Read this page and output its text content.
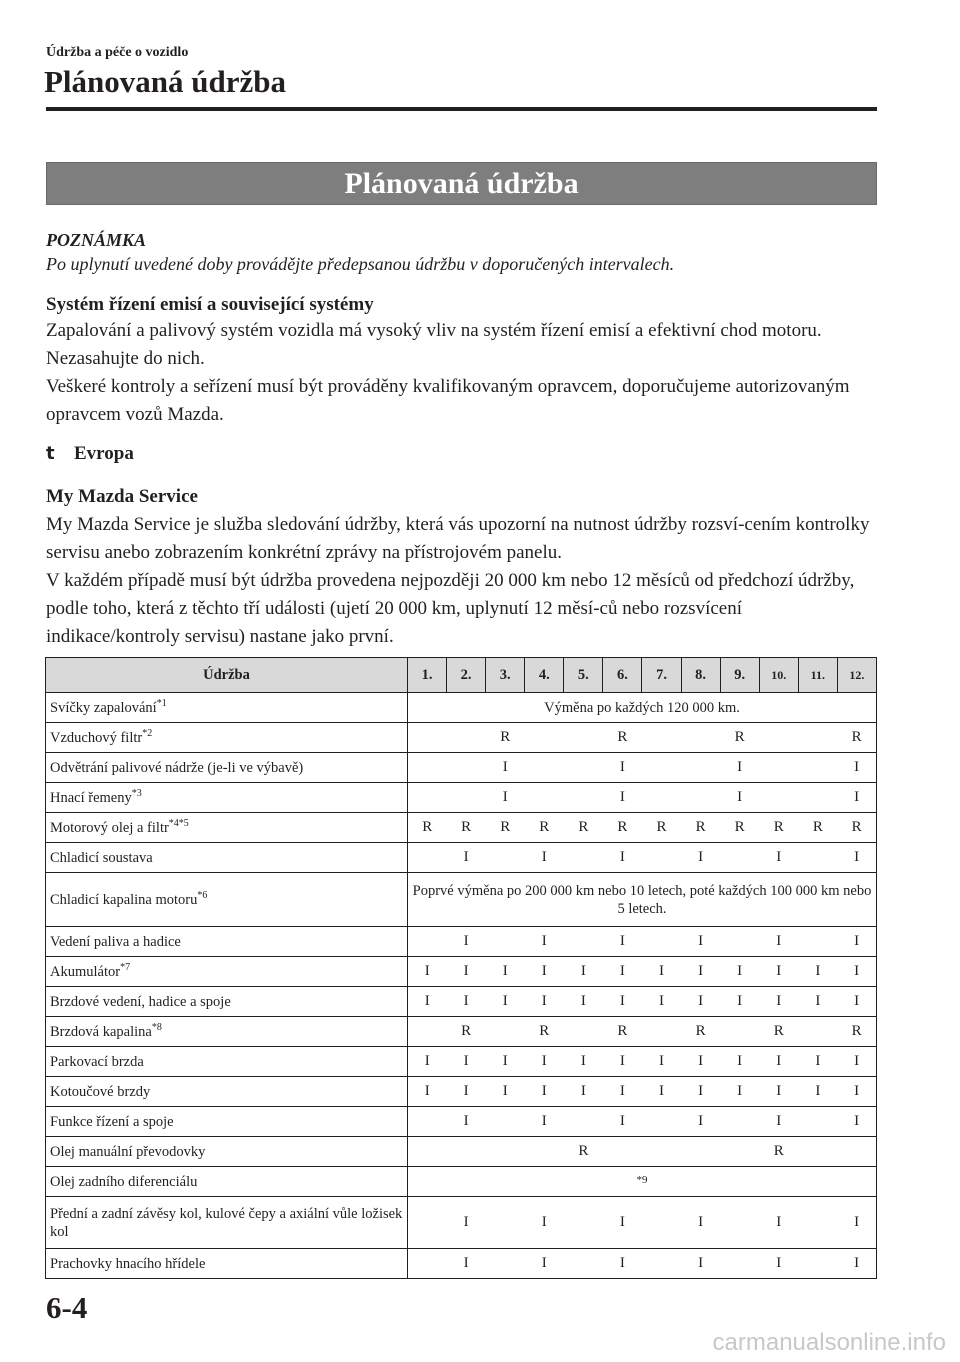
Údržba a péče o vozidlo
Plánovaná údržba
Plánovaná údržba
POZNÁMKA
Po uplynutí uvedené doby provádějte předepsanou údržbu v doporučených intervalech.
Systém řízení emisí a související systémy
Zapalování a palivový systém vozidla má vysoký vliv na systém řízení emisí a efektivní chod motoru. Nezasahujte do nich.
Veškeré kontroly a seřízení musí být prováděny kvalifikovaným opravcem, doporučujeme autorizovaným opravcem vozů Mazda.
t Evropa
My Mazda Service
My Mazda Service je služba sledování údržby, která vás upozorní na nutnost údržby rozsví-cením kontrolky servisu anebo zobrazením konkrétní zprávy na přístrojovém panelu.
V každém případě musí být údržba provedena nejpozději 20 000 km nebo 12 měsíců od předchozí údržby, podle toho, která z těchto tří události (ujetí 20 000 km, uplynutí 12 měsí-ců nebo rozsvícení indikace/kontroly servisu) nastane jako první.
Údržba	1.	2.	3.	4.	5.	6.	7.	8.	9.	10.	11.	12.
Svíčky zapalování$^{*1}$	Výměna po každých 120 000 km.											
Vzduchový filtr$^{*2}$			R			R			R			R
Odvětrání palivové nádrže (je-li ve výbavě)			I			I			I			I
Hnací řemeny$^{*3}$			I			I			I			I
Motorový olej a filtr$^{*4*5}$	R	R	R	R	R	R	R	R	R	R	R	R
Chladicí soustava		I		I		I		I		I		I
Chladicí kapalina motoru$^{*6}$	Poprvé výměna po 200 000 km nebo 10 letech, poté každých 100 000 km nebo 5 letech.											
Vedení paliva a hadice		I		I		I		I		I		I
Akumulátor$^{*7}$	I	I	I	I	I	I	I	I	I	I	I	I
Brzdové vedení, hadice a spoje	I	I	I	I	I	I	I	I	I	I	I	I
Brzdová kapalina$^{*8}$		R		R		R		R		R		R
Parkovací brzda	I	I	I	I	I	I	I	I	I	I	I	I
Kotoučové brzdy	I	I	I	I	I	I	I	I	I	I	I	I
Funkce řízení a spoje		I		I		I		I		I		I
Olej manuální převodovky					R					R		
Olej zadního diferenciálu	*9											
Přední a zadní závěsy kol, kulové čepy a axiální vůle ložisek kol		I		I		I		I		I		I
Prachovky hnacího hřídele		I		I		I		I		I		I
6-4
carmanualsonline.info
